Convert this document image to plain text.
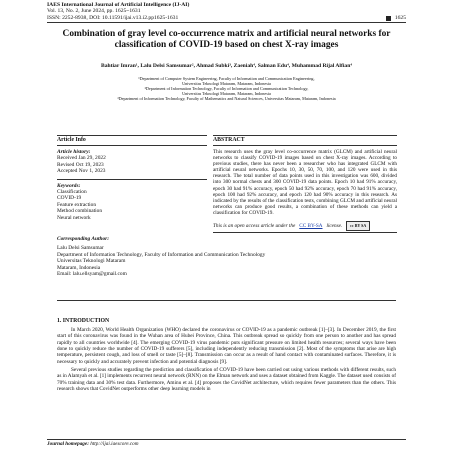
IAES International Journal of Artificial Intelligence (IJ-AI)
Vol. 13, No. 2, June 2024, pp. 1625~1631
ISSN: 2252-8938, DOI: 10.11591/ijai.v13.i2.pp1625-1631	1625
Combination of gray level co-occurrence matrix and artificial neural networks for classification of COVID-19 based on chest X-ray images
Bahtiar Imran¹, Lalu Delsi Samsumar², Ahmad Subki³, Zaeniah⁴, Salman Edu⁴, Muhammad Rijal Alfian⁴
¹Department of Computer System Engineering, Faculty of Information and Communication Engineering,
Universitas Teknologi Mataram, Mataram, Indonesia
²Department of Information Technology, Faculty of Information and Communication Technology,
Universitas Teknologi Mataram, Mataram, Indonesia
³Department of Information Technology, Faculty of Mathematics and Natural Sciences, Universitas Mataram, Mataram, Indonesia
Article Info
Article history:
Received Jan 29, 2022
Revised Oct 19, 2023
Accepted Nov 1, 2023
Keywords:
Classification
COVID-19
Feature extraction
Method combination
Neural network
ABSTRACT
This research uses the gray level co-occurrence matrix (GLCM) and artificial neural networks to classify COVID-19 images based on chest X-ray images. According to previous studies, there has never been a researcher who has integrated GLCM with artificial neural networks. Epochs 10, 30, 50, 70, 100, and 120 were used in this research. The total number of data points used in this investigation was 600, divided into 300 normal chests and 300 COVID-19 data points. Epoch 10 had 91% accuracy, epoch 30 had 91% accuracy, epoch 50 had 92% accuracy, epoch 70 had 91% accuracy, epoch 100 had 92% accuracy, and epoch 120 had 90% accuracy in this research. As indicated by the results of the classification tests, combining GLCM and artificial neural networks can produce good results, a combination of these methods can yield a classification for COVID-19.
This is an open access article under the CC BY-SA license.	cc BY SA
Corresponding Author:
Lalu Delsi Samsumar
Department of Information Technology, Faculty of Information and Communication Technology
Universitas Teknologi Mataram
Mataram, Indonesia
Email: lalu.ellsyam@gmail.com
1. INTRODUCTION
In March 2020, World Health Organization (WHO) declared the coronavirus or COVID-19 as a pandemic outbreak [1]–[3]. In December 2019, the first start of this coronavirus was found in the Wuhan area of Hubei Province, China. This outbreak spread so quickly from one person to another and has spread rapidly to all countries worldwide [4]. The emerging COVID-19 virus pandemic puts significant pressure on limited health resources; several ways have been done to quickly reduce the number of COVID-19 sufferers [5], including independently reducing transmission [2]. Most of the symptoms that arise are high temperature, persistent cough, and loss of smell or taste [5]–[8]. Transmission can occur as a result of hand contact with contaminated surfaces. Therefore, it is necessary to quickly and accurately prevent infection and potential diagnosis [9].
Several previous studies regarding the prediction and classification of COVID-19 have been carried out using various methods with different results, such as in Alamyah et al. [1] implements recurrent neural network (RNN) on the Elman network and uses a dataset obtained from Kaggle. The dataset used consists of 70% training data and 30% test data. Furthermore, Aminu et al. [4] proposes the CovidNet architecture, which requires fewer parameters than the others. This research shows that CovidNet outperforms other deep learning models in
Journal homepage: http://ijai.iaescore.com
